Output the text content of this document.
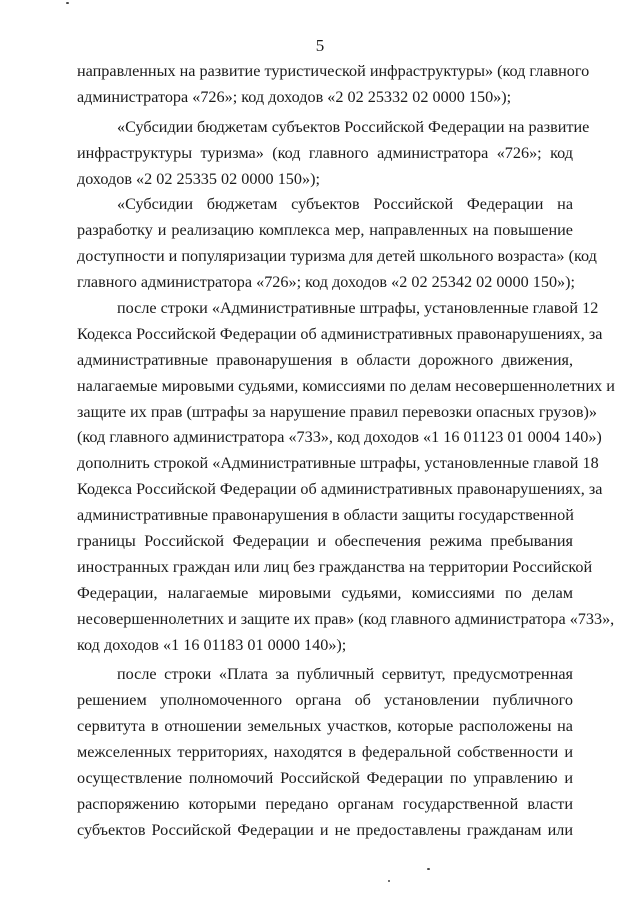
5
направленных на развитие туристической инфраструктуры» (код главного
администратора «726»; код доходов «2 02 25332 02 0000 150»);
«Субсидии бюджетам субъектов Российской Федерации на развитие
инфраструктуры туризма» (код главного администратора «726»; код
доходов «2 02 25335 02 0000 150»);
«Субсидии бюджетам субъектов Российской Федерации на
разработку и реализацию комплекса мер, направленных на повышение
доступности и популяризации туризма для детей школьного возраста» (код
главного администратора «726»; код доходов «2 02 25342 02 0000 150»);
после строки «Административные штрафы, установленные главой 12
Кодекса Российской Федерации об административных правонарушениях, за
административные правонарушения в области дорожного движения,
налагаемые мировыми судьями, комиссиями по делам несовершеннолетних и
защите их прав (штрафы за нарушение правил перевозки опасных грузов)»
(код главного администратора «733», код доходов «1 16 01123 01 0004 140»)
дополнить строкой «Административные штрафы, установленные главой 18
Кодекса Российской Федерации об административных правонарушениях, за
административные правонарушения в области защиты государственной
границы Российской Федерации и обеспечения режима пребывания
иностранных граждан или лиц без гражданства на территории Российской
Федерации, налагаемые мировыми судьями, комиссиями по делам
несовершеннолетних и защите их прав» (код главного администратора «733»,
код доходов «1 16 01183 01 0000 140»);
после строки «Плата за публичный сервитут, предусмотренная
решением уполномоченного органа об установлении публичного
сервитута в отношении земельных участков, которые расположены на
межселенных территориях, находятся в федеральной собственности и
осуществление полномочий Российской Федерации по управлению и
распоряжению которыми передано органам государственной власти
субъектов Российской Федерации и не предоставлены гражданам или
